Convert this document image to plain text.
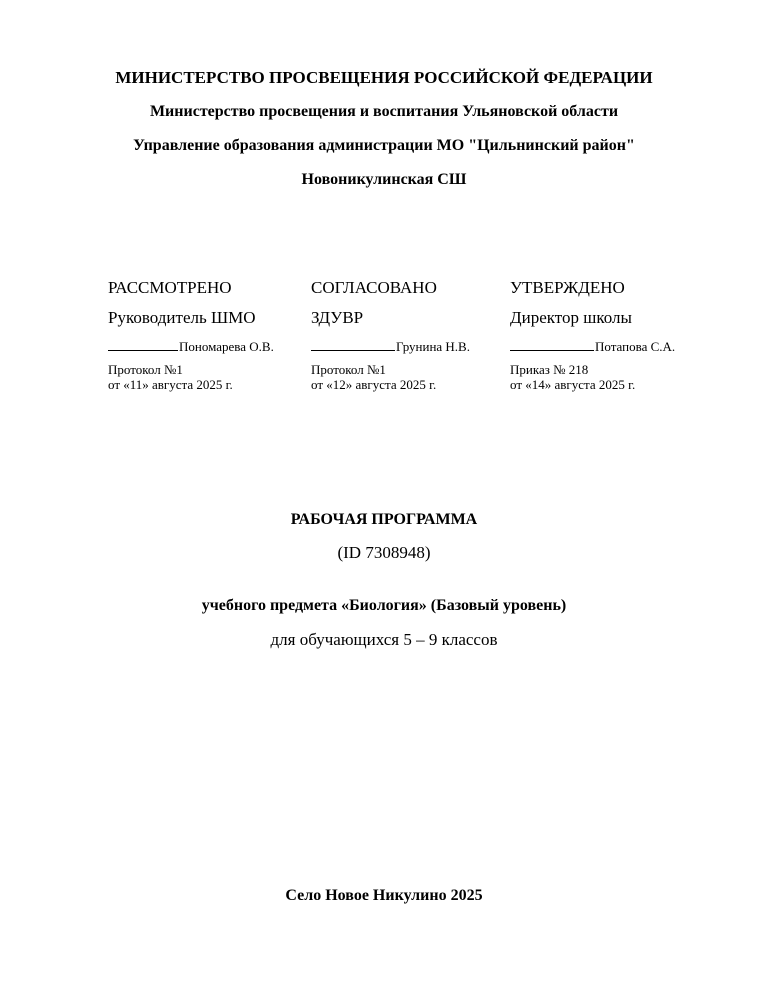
МИНИСТЕРСТВО ПРОСВЕЩЕНИЯ РОССИЙСКОЙ ФЕДЕРАЦИИ
Министерство просвещения и воспитания Ульяновской области
Управление образования администрации МО "Цильнинский район"
Новоникулинская СШ
РАССМОТРЕНО
Руководитель ШМО
Пономарева О.В.
Протокол №1
от «11» августа 2025 г.
СОГЛАСОВАНО
ЗДУВР
Грунина Н.В.
Протокол №1
от «12» августа 2025 г.
УТВЕРЖДЕНО
Директор школы
Потапова С.А.
Приказ № 218
от «14» августа 2025 г.
РАБОЧАЯ ПРОГРАММА
(ID 7308948)
учебного предмета «Биология» (Базовый уровень)
для обучающихся 5 – 9 классов
Село Новое Никулино 2025
